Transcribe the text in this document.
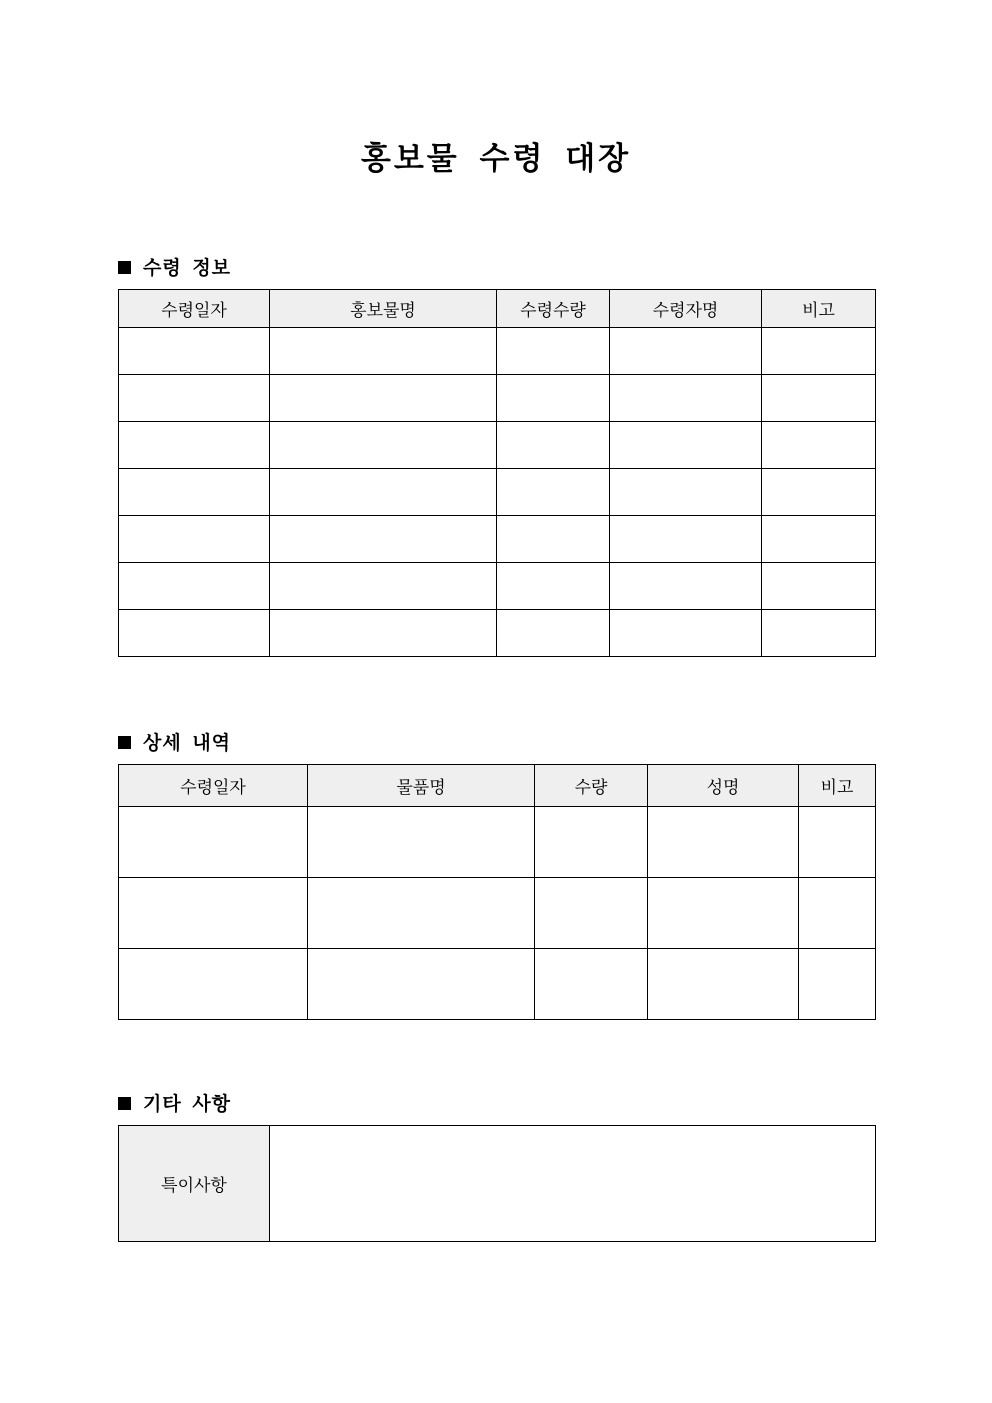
홍보물 수령 대장
수령 정보
수령일자	홍보물명	수령수량	수령자명	비고

상세 내역
수령일자	물품명	수량	성명	비고

기타 사항
특이사항	
